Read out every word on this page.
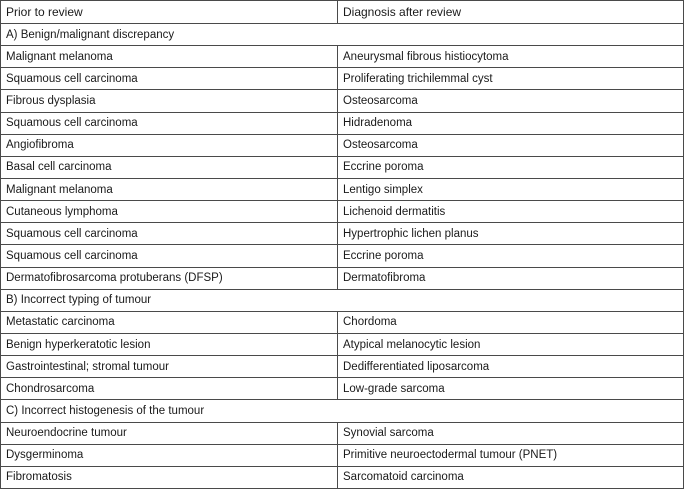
Prior to review	Diagnosis after review
A) Benign/malignant discrepancy	
Malignant melanoma	Aneurysmal fibrous histiocytoma
Squamous cell carcinoma	Proliferating trichilemmal cyst
Fibrous dysplasia	Osteosarcoma
Squamous cell carcinoma	Hidradenoma
Angiofibroma	Osteosarcoma
Basal cell carcinoma	Eccrine poroma
Malignant melanoma	Lentigo simplex
Cutaneous lymphoma	Lichenoid dermatitis
Squamous cell carcinoma	Hypertrophic lichen planus
Squamous cell carcinoma	Eccrine poroma
Dermatofibrosarcoma protuberans (DFSP)	Dermatofibroma
B) Incorrect typing of tumour	
Metastatic carcinoma	Chordoma
Benign hyperkeratotic lesion	Atypical melanocytic lesion
Gastrointestinal; stromal tumour	Dedifferentiated liposarcoma
Chondrosarcoma	Low-grade sarcoma
C) Incorrect histogenesis of the tumour	
Neuroendocrine tumour	Synovial sarcoma
Dysgerminoma	Primitive neuroectodermal tumour (PNET)
Fibromatosis	Sarcomatoid carcinoma
